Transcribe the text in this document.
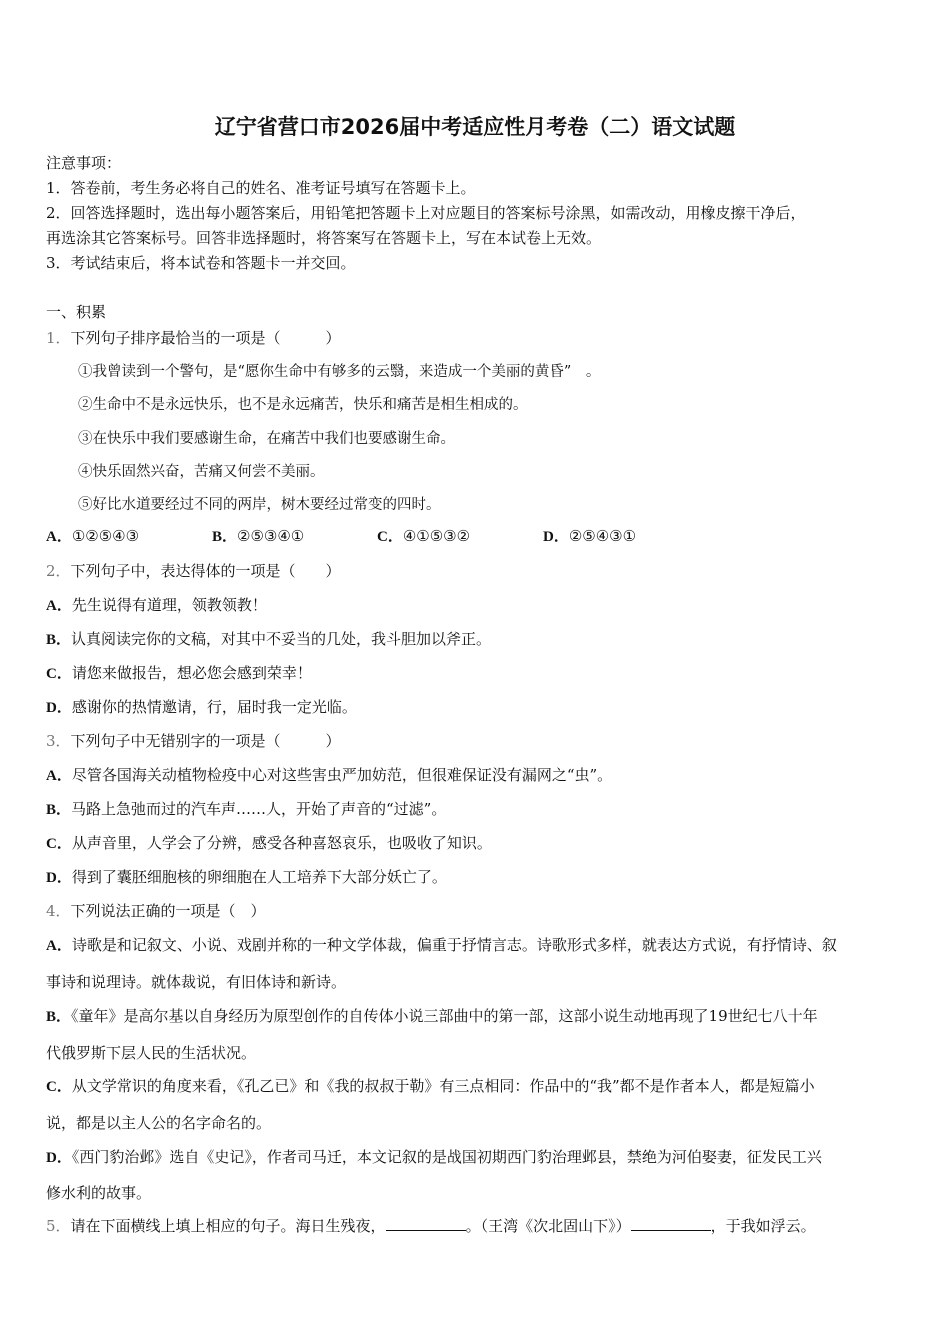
辽宁省营口市2026届中考适应性月考卷（二）语文试题
注意事项：
1．答卷前，考生务必将自己的姓名、准考证号填写在答题卡上。
2．回答选择题时，选出每小题答案后，用铅笔把答题卡上对应题目的答案标号涂黑，如需改动，用橡皮擦干净后，
再选涂其它答案标号。回答非选择题时，将答案写在答题卡上，写在本试卷上无效。
3．考试结束后，将本试卷和答题卡一并交回。
一、积累
1．下列句子排序最恰当的一项是（　　　）
①我曾读到一个警句，是“愿你生命中有够多的云翳，来造成一个美丽的黄昏”　。
②生命中不是永远快乐，也不是永远痛苦，快乐和痛苦是相生相成的。
③在快乐中我们要感谢生命，在痛苦中我们也要感谢生命。
④快乐固然兴奋，苦痛又何尝不美丽。
⑤好比水道要经过不同的两岸，树木要经过常变的四时。
A．①②⑤④③	B．②⑤③④①	C．④①⑤③②	D．②⑤④③①
2．下列句子中，表达得体的一项是（　　）
A．先生说得有道理，领教领教！
B．认真阅读完你的文稿，对其中不妥当的几处，我斗胆加以斧正。
C．请您来做报告，想必您会感到荣幸！
D．感谢你的热情邀请，行，届时我一定光临。
3．下列句子中无错别字的一项是（　　　）
A．尽管各国海关动植物检疫中心对这些害虫严加妨范，但很难保证没有漏网之“虫”。
B．马路上急弛而过的汽车声……人，开始了声音的“过滤”。
C．从声音里，人学会了分辨，感受各种喜怒哀乐，也吸收了知识。
D．得到了囊胚细胞核的卵细胞在人工培养下大部分妖亡了。
4．下列说法正确的一项是（　）
A．诗歌是和记叙文、小说、戏剧并称的一种文学体裁，偏重于抒情言志。诗歌形式多样，就表达方式说，有抒情诗、叙
事诗和说理诗。就体裁说，有旧体诗和新诗。
B．《童年》是高尔基以自身经历为原型创作的自传体小说三部曲中的第一部，这部小说生动地再现了19世纪七八十年
代俄罗斯下层人民的生活状况。
C．从文学常识的角度来看，《孔乙已》和《我的叔叔于勒》有三点相同：作品中的“我”都不是作者本人，都是短篇小
说，都是以主人公的名字命名的。
D．《西门豹治邺》选自《史记》，作者司马迁，本文记叙的是战国初期西门豹治理邺县，禁绝为河伯娶妻，征发民工兴
修水利的故事。
5．请在下面横线上填上相应的句子。海日生残夜，	。（王湾《次北固山下》）	，于我如浮云。
